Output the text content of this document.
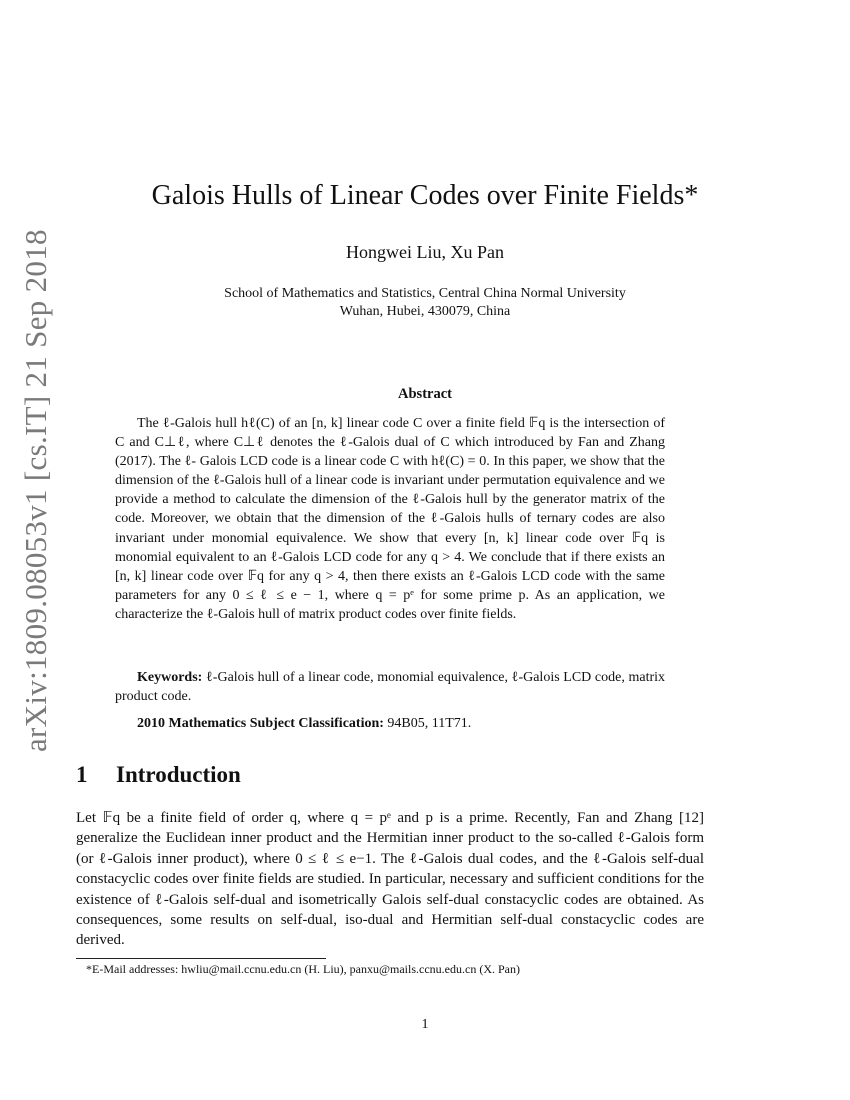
arXiv:1809.08053v1 [cs.IT] 21 Sep 2018
Galois Hulls of Linear Codes over Finite Fields*
Hongwei Liu, Xu Pan
School of Mathematics and Statistics, Central China Normal University
Wuhan, Hubei, 430079, China
Abstract
The ℓ-Galois hull hℓ(C) of an [n, k] linear code C over a finite field 𝔽q is the intersection of C and C⊥ℓ, where C⊥ℓ denotes the ℓ-Galois dual of C which introduced by Fan and Zhang (2017). The ℓ- Galois LCD code is a linear code C with hℓ(C) = 0. In this paper, we show that the dimension of the ℓ-Galois hull of a linear code is invariant under permutation equivalence and we provide a method to calculate the dimension of the ℓ-Galois hull by the generator matrix of the code. Moreover, we obtain that the dimension of the ℓ-Galois hulls of ternary codes are also invariant under monomial equivalence. We show that every [n, k] linear code over 𝔽q is monomial equivalent to an ℓ-Galois LCD code for any q > 4. We conclude that if there exists an [n, k] linear code over 𝔽q for any q > 4, then there exists an ℓ-Galois LCD code with the same parameters for any 0 ≤ ℓ ≤ e − 1, where q = pᵉ for some prime p. As an application, we characterize the ℓ-Galois hull of matrix product codes over finite fields.
Keywords: ℓ-Galois hull of a linear code, monomial equivalence, ℓ-Galois LCD code, matrix product code.
2010 Mathematics Subject Classification: 94B05, 11T71.
1 Introduction
Let 𝔽q be a finite field of order q, where q = pᵉ and p is a prime. Recently, Fan and Zhang [12] generalize the Euclidean inner product and the Hermitian inner product to the so-called ℓ-Galois form (or ℓ-Galois inner product), where 0 ≤ ℓ ≤ e−1. The ℓ-Galois dual codes, and the ℓ-Galois self-dual constacyclic codes over finite fields are studied. In particular, necessary and sufficient conditions for the existence of ℓ-Galois self-dual and isometrically Galois self-dual constacyclic codes are obtained. As consequences, some results on self-dual, iso-dual and Hermitian self-dual constacyclic codes are derived.
*E-Mail addresses: hwliu@mail.ccnu.edu.cn (H. Liu), panxu@mails.ccnu.edu.cn (X. Pan)
1
